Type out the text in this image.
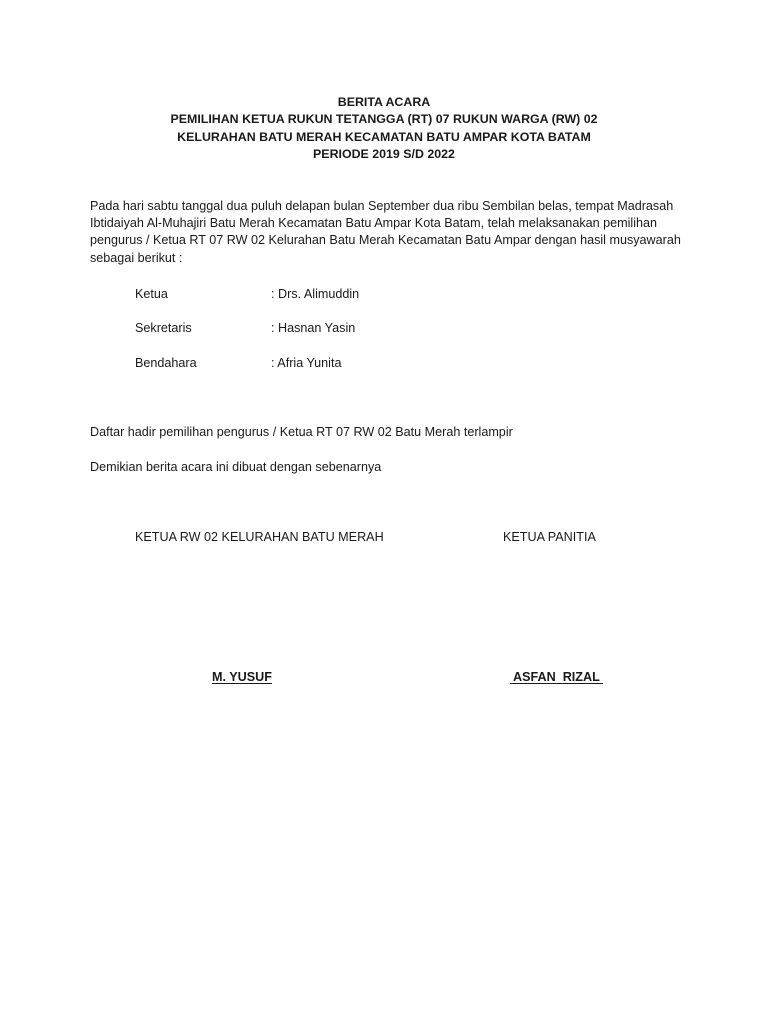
BERITA ACARA
PEMILIHAN KETUA RUKUN TETANGGA (RT) 07 RUKUN WARGA (RW) 02
KELURAHAN BATU MERAH KECAMATAN BATU AMPAR KOTA BATAM
PERIODE 2019 S/D 2022
Pada hari sabtu tanggal dua puluh delapan bulan September dua ribu Sembilan belas, tempat Madrasah Ibtidaiyah Al-Muhajiri Batu Merah Kecamatan Batu Ampar Kota Batam, telah melaksanakan pemilihan pengurus / Ketua RT 07 RW 02 Kelurahan Batu Merah Kecamatan Batu Ampar dengan hasil musyawarah sebagai berikut :
Ketua	: Drs. Alimuddin
Sekretaris	: Hasnan Yasin
Bendahara	: Afria Yunita
Daftar hadir pemilihan pengurus / Ketua RT 07 RW 02 Batu Merah terlampir
Demikian berita acara ini dibuat dengan sebenarnya
KETUA RW 02 KELURAHAN BATU MERAH	KETUA PANITIA
M. YUSUF	ASFAN  RIZAL
